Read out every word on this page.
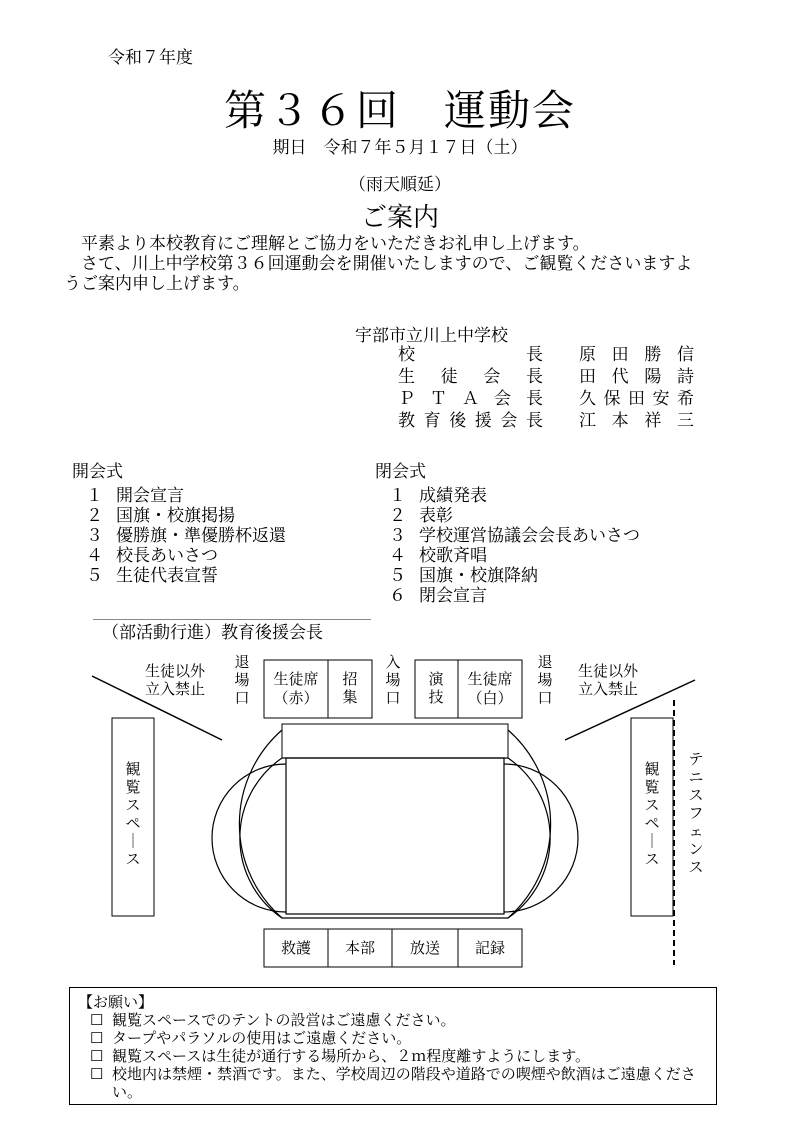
令和７年度
第３６回　運動会
期日　令和７年５月１７日（土）
（雨天順延）
ご案内

平素より本校教育にご理解とご協力をいただきお礼申し上げます。

さて、川上中学校第３６回運動会を開催いたしますので、ご観覧くださいますようご案内申し上げます。

宇部市立川上中学校
校	長 原 田 勝 信
生 徒 会 長 田 代 陽 詩
Ｐ Ｔ Ａ 会 長 久 保 田 安 希
教 育 後 援 会 長 江 本 祥 三
開会式
１ 開会宣言
２ 国旗・校旗掲揚
３ 優勝旗・準優勝杯返還
４ 校長あいさつ
５ 生徒代表宣誓
閉会式
１ 成績発表
２ 表彰
３ 学校運営協議会会長あいさつ
４ 校歌斉唱
５ 国旗・校旗降納
６ 閉会宣言
（部活動行進）教育後援会長
生徒以外
立入禁止
生徒以外
立入禁止
退場口
入場口
退場口
生徒席
（赤）
招集
演技
生徒席
（白）
観覧スペ｜ス
観覧スペ｜ス
テニスフェンス
救護 本部 放送 記録
【お願い】
☐ 観覧スペースでのテントの設営はご遠慮ください。
☐ タープやパラソルの使用はご遠慮ください。
☐ 観覧スペースは生徒が通行する場所から、２ｍ程度離すようにします。
☐ 校地内は禁煙・禁酒です。また、学校周辺の階段や道路での喫煙や飲酒はご遠慮ください。
